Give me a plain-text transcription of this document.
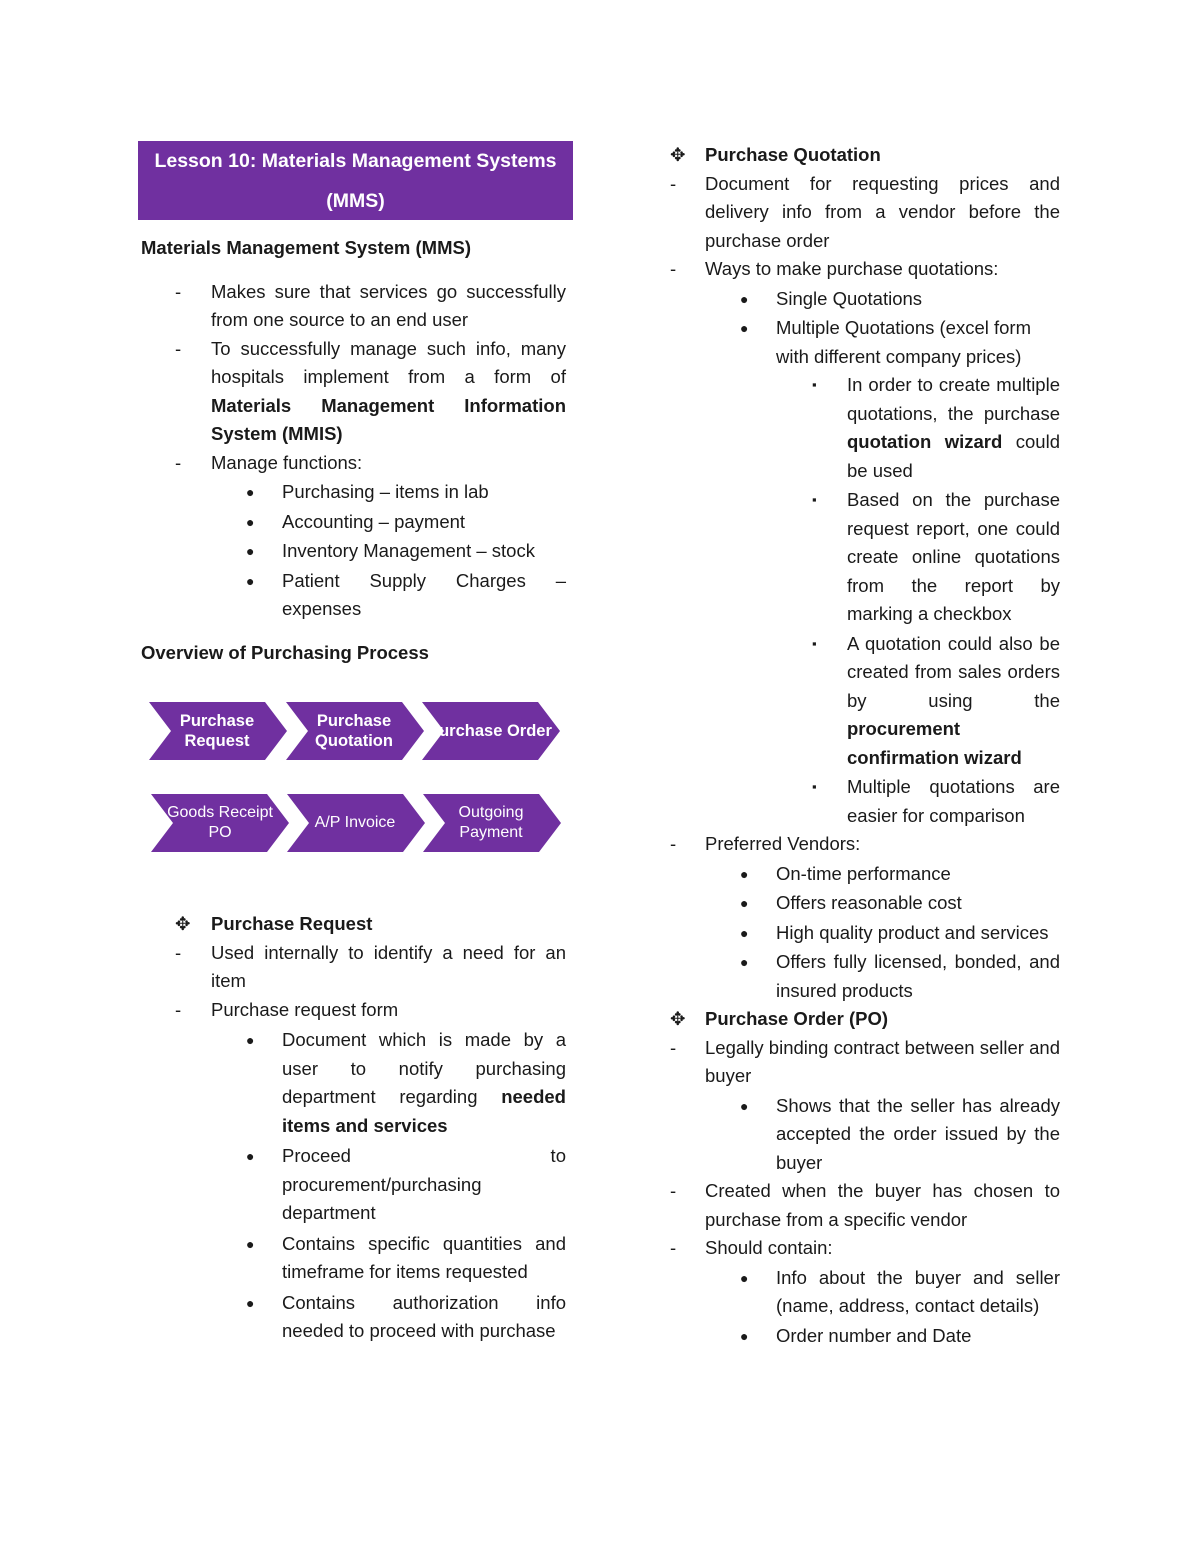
Lesson 10: Materials Management Systems
(MMS)
Materials Management System (MMS)
- Makes sure that services go successfully from one source to an end user
- To successfully manage such info, many hospitals implement from a form of Materials Management Information System (MMIS)
- Manage functions:
● Purchasing – items in lab
● Accounting – payment
● Inventory Management – stock
● Patient Supply Charges – expenses
Overview of Purchasing Process
Purchase Request
Purchase Quotation
Purchase Order
Goods Receipt PO
A/P Invoice
Outgoing Payment
✥ Purchase Request
- Used internally to identify a need for an item
- Purchase request form
● Document which is made by a user to notify purchasing department regarding needed items and services
● Proceed to procurement/purchasing department
● Contains specific quantities and timeframe for items requested
● Contains authorization info needed to proceed with purchase
✥ Purchase Quotation
- Document for requesting prices and delivery info from a vendor before the purchase order
- Ways to make purchase quotations:
● Single Quotations
● Multiple Quotations (excel form with different company prices)
▪ In order to create multiple quotations, the purchase quotation wizard could be used
▪ Based on the purchase request report, one could create online quotations from the report by marking a checkbox
▪ A quotation could also be created from sales orders by using the procurement confirmation wizard
▪ Multiple quotations are easier for comparison
- Preferred Vendors:
● On-time performance
● Offers reasonable cost
● High quality product and services
● Offers fully licensed, bonded, and insured products
✥ Purchase Order (PO)
- Legally binding contract between seller and buyer
● Shows that the seller has already accepted the order issued by the buyer
- Created when the buyer has chosen to purchase from a specific vendor
- Should contain:
● Info about the buyer and seller (name, address, contact details)
● Order number and Date
